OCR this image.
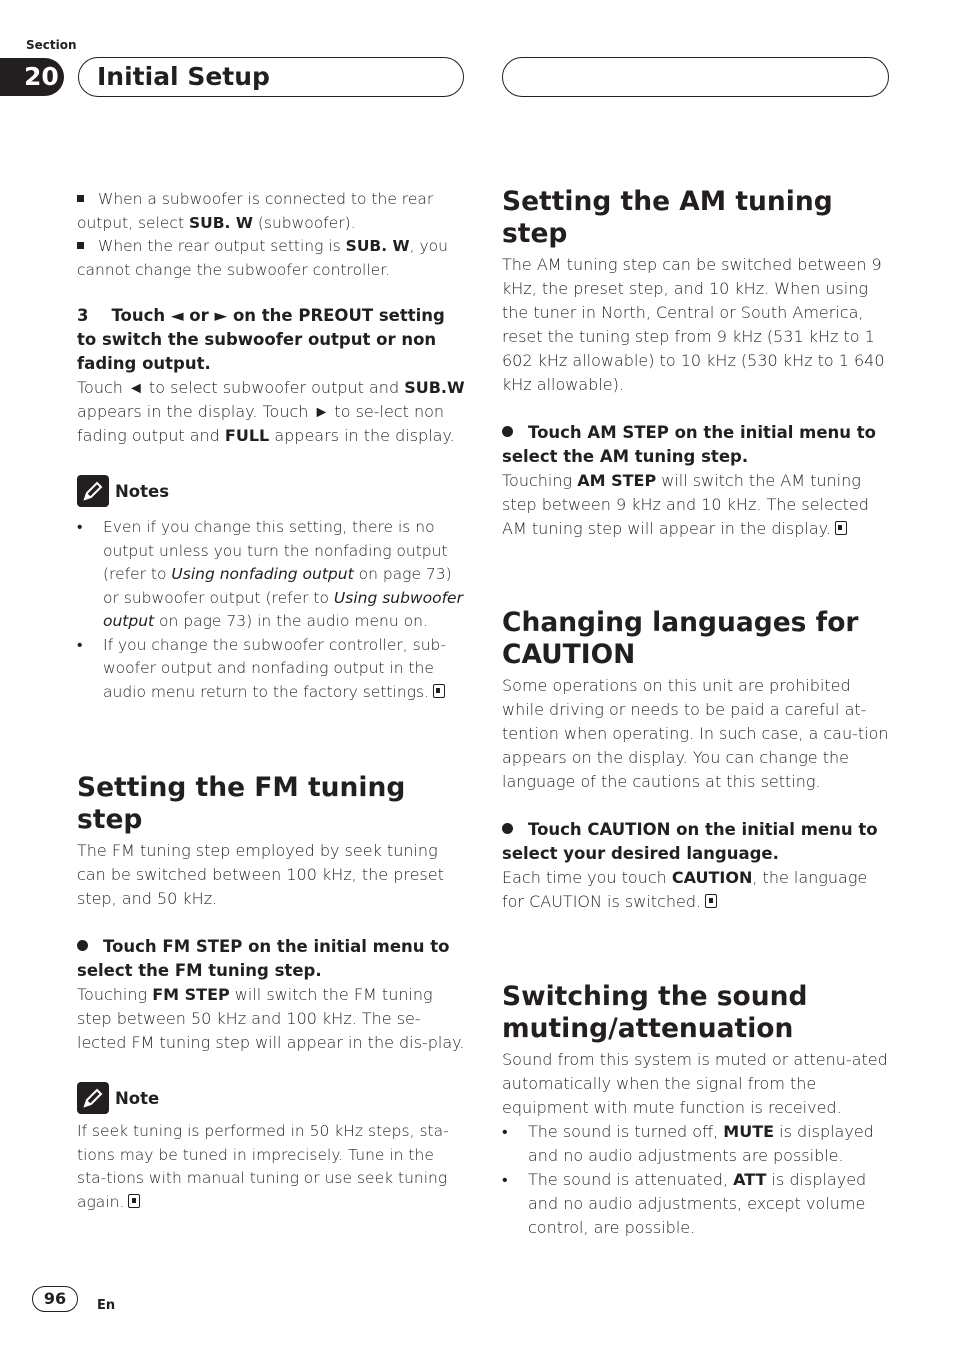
Section
20 Initial Setup

When a subwoofer is connected to the rear output, select SUB. W (subwoofer).

When the rear output setting is SUB. W, you cannot change the subwoofer controller.

3    Touch ◄ or ► on the PREOUT setting to switch the subwoofer output or non fading output.

Touch ◄ to select subwoofer output and SUB.W appears in the display. Touch ► to se-lect non fading output and FULL appears in the display.

Notes
• Even if you change this setting, there is no output unless you turn the nonfading output (refer to Using nonfading output on page 73) or subwoofer output (refer to Using subwoofer output on page 73) in the audio menu on.
• If you change the subwoofer controller, sub-woofer output and nonfading output in the audio menu return to the factory settings.
Setting the FM tuning step

The FM tuning step employed by seek tuning can be switched between 100 kHz, the preset step, and 50 kHz.

Touch FM STEP on the initial menu to select the FM tuning step.

Touching FM STEP will switch the FM tuning step between 50 kHz and 100 kHz. The se-lected FM tuning step will appear in the dis-play.

Note

If seek tuning is performed in 50 kHz steps, sta-tions may be tuned in imprecisely. Tune in the sta-tions with manual tuning or use seek tuning again.

Setting the AM tuning step

The AM tuning step can be switched between 9 kHz, the preset step, and 10 kHz. When using the tuner in North, Central or South America, reset the tuning step from 9 kHz (531 kHz to 1 602 kHz allowable) to 10 kHz (530 kHz to 1 640 kHz allowable).

Touch AM STEP on the initial menu to select the AM tuning step.

Touching AM STEP will switch the AM tuning step between 9 kHz and 10 kHz. The selected AM tuning step will appear in the display.

Changing languages for CAUTION

Some operations on this unit are prohibited while driving or needs to be paid a careful at-tention when operating. In such case, a cau-tion appears on the display. You can change the language of the cautions at this setting.

Touch CAUTION on the initial menu to select your desired language.

Each time you touch CAUTION, the language for CAUTION is switched.

Switching the sound muting/attenuation

Sound from this system is muted or attenu-ated automatically when the signal from the equipment with mute function is received.

• The sound is turned off, MUTE is displayed and no audio adjustments are possible.
• The sound is attenuated, ATT is displayed and no audio adjustments, except volume control, are possible.
96	En
